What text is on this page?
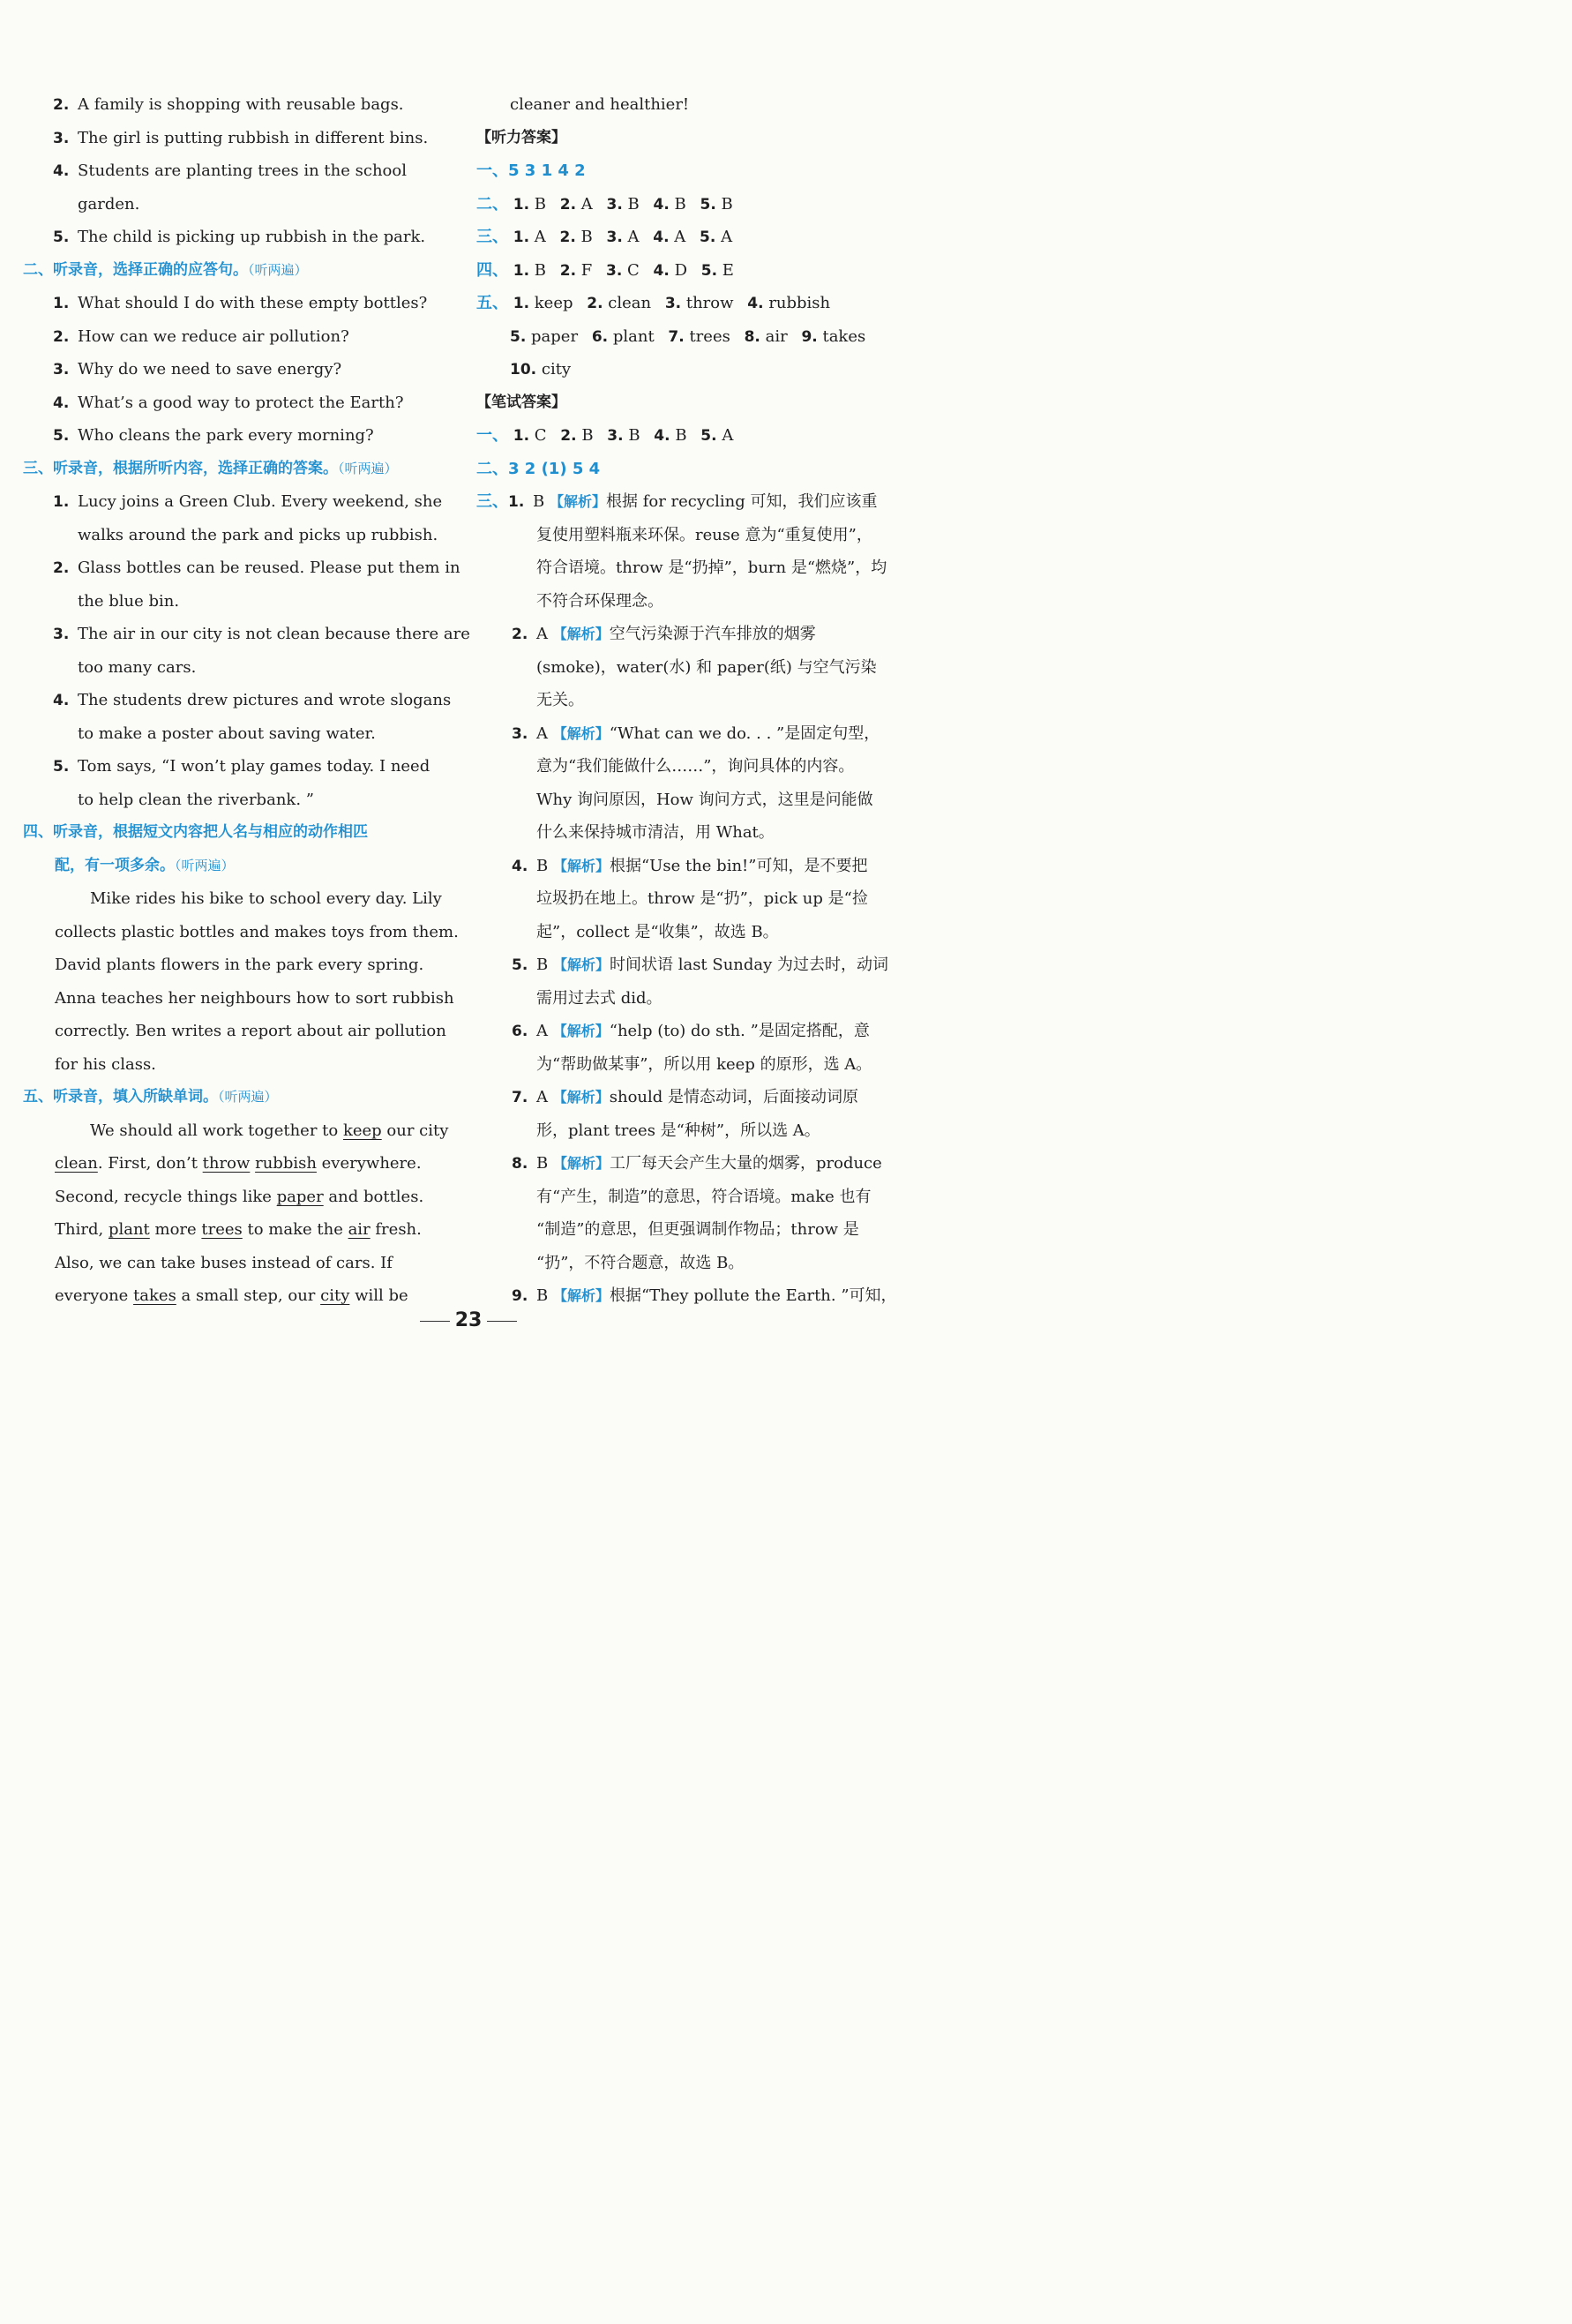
2. A family is shopping with reusable bags.
3. The girl is putting rubbish in different bins.
4. Students are planting trees in the school
garden.
5. The child is picking up rubbish in the park.
二、听录音，选择正确的应答句。（听两遍）
1. What should I do with these empty bottles?
2. How can we reduce air pollution?
3. Why do we need to save energy?
4. What’s a good way to protect the Earth?
5. Who cleans the park every morning?
三、听录音，根据所听内容，选择正确的答案。（听两遍）
1. Lucy joins a Green Club. Every weekend, she
walks around the park and picks up rubbish.
2. Glass bottles can be reused. Please put them in
the blue bin.
3. The air in our city is not clean because there are
too many cars.
4. The students drew pictures and wrote slogans
to make a poster about saving water.
5. Tom says, “I won’t play games today. I need
to help clean the riverbank. ”
四、听录音，根据短文内容把人名与相应的动作相匹
配，有一项多余。（听两遍）
Mike rides his bike to school every day. Lily
collects plastic bottles and makes toys from them.
David plants flowers in the park every spring.
Anna teaches her neighbours how to sort rubbish
correctly. Ben writes a report about air pollution
for his class.
五、听录音，填入所缺单词。（听两遍）
We should all work together to keep our city
clean. First, don’t throw rubbish everywhere.
Second, recycle things like paper and bottles.
Third, plant more trees to make the air fresh.
Also, we can take buses instead of cars. If
everyone takes a small step, our city will be
cleaner and healthier!
【听力答案】
一、5 3 1 4 2
二、 1. B 2. A 3. B 4. B 5. B
三、 1. A 2. B 3. A 4. A 5. A
四、 1. B 2. F 3. C 4. D 5. E
五、 1. keep 2. clean 3. throw 4. rubbish
5. paper 6. plant 7. trees 8. air 9. takes
10. city
【笔试答案】
一、 1. C 2. B 3. B 4. B 5. A
二、3 2 (1) 5 4
三、1. B 【解析】根据 for recycling 可知，我们应该重
复使用塑料瓶来环保。reuse 意为“重复使用”，
符合语境。throw 是“扔掉”，burn 是“燃烧”，均
不符合环保理念。
2. A 【解析】空气污染源于汽车排放的烟雾
(smoke)，water(水) 和 paper(纸) 与空气污染
无关。
3. A 【解析】“What can we do. . . ”是固定句型，
意为“我们能做什么……”，询问具体的内容。
Why 询问原因，How 询问方式，这里是问能做
什么来保持城市清洁，用 What。
4. B 【解析】根据“Use the bin!”可知，是不要把
垃圾扔在地上。throw 是“扔”，pick up 是“捡
起”，collect 是“收集”，故选 B。
5. B 【解析】时间状语 last Sunday 为过去时，动词
需用过去式 did。
6. A 【解析】“help (to) do sth. ”是固定搭配，意
为“帮助做某事”，所以用 keep 的原形，选 A。
7. A 【解析】should 是情态动词，后面接动词原
形，plant trees 是“种树”，所以选 A。
8. B 【解析】工厂每天会产生大量的烟雾，produce
有“产生，制造”的意思，符合语境。make 也有
“制造”的意思，但更强调制作物品；throw 是
“扔”，不符合题意，故选 B。
9. B 【解析】根据“They pollute the Earth. ”可知，
23
